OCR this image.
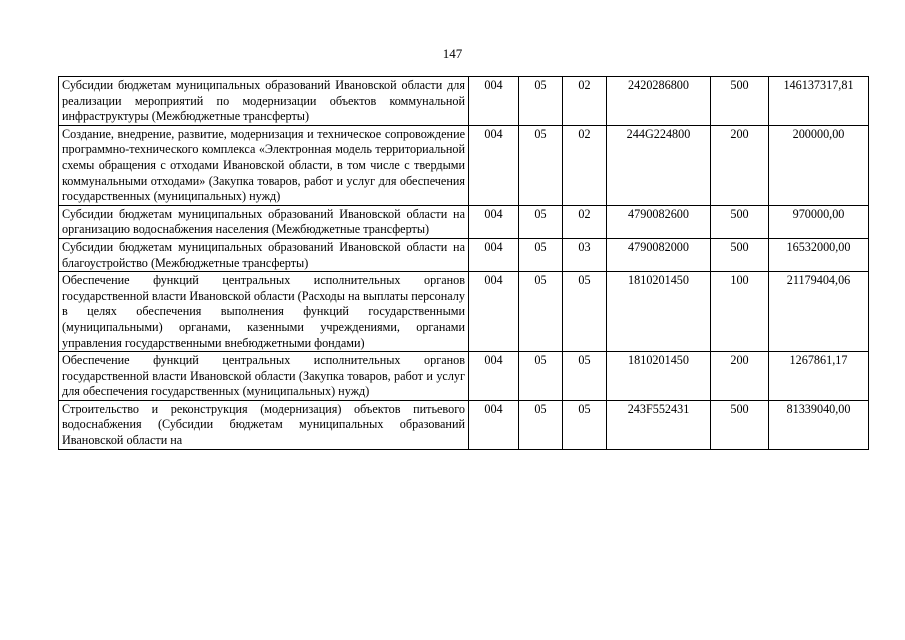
147
Субсидии бюджетам муниципальных образований Ивановской области для реализации мероприятий по модернизации объектов коммунальной инфраструктуры (Межбюджетные трансферты)	004	05	02	2420286800	500	146137317,81
Создание, внедрение, развитие, модернизация и техническое сопровождение программно-технического комплекса «Электронная модель территориальной схемы обращения с отходами Ивановской области, в том числе с твердыми коммунальными отходами» (Закупка товаров, работ и услуг для обеспечения государственных (муниципальных) нужд)	004	05	02	244G224800	200	200000,00
Субсидии бюджетам муниципальных образований Ивановской области на организацию водоснабжения населения (Межбюджетные трансферты)	004	05	02	4790082600	500	970000,00
Субсидии бюджетам муниципальных образований Ивановской области на благоустройство (Межбюджетные трансферты)	004	05	03	4790082000	500	16532000,00
Обеспечение функций центральных исполнительных органов государственной власти Ивановской области (Расходы на выплаты персоналу в целях обеспечения выполнения функций государственными (муниципальными) органами, казенными учреждениями, органами управления государственными внебюджетными фондами)	004	05	05	1810201450	100	21179404,06
Обеспечение функций центральных исполнительных органов государственной власти Ивановской области (Закупка товаров, работ и услуг для обеспечения государственных (муниципальных) нужд)	004	05	05	1810201450	200	1267861,17
Строительство и реконструкция (модернизация) объектов питьевого водоснабжения (Субсидии бюджетам муниципальных образований Ивановской области на	004	05	05	243F552431	500	81339040,00
